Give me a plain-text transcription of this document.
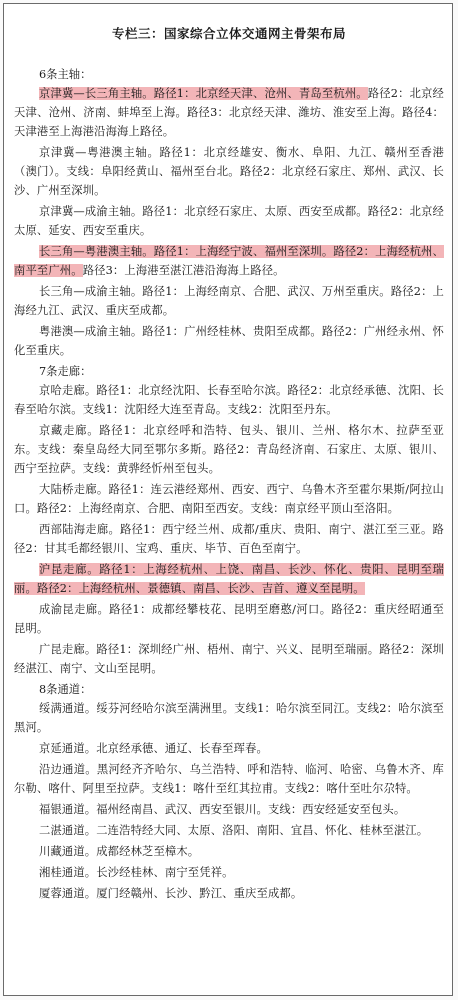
专栏三：国家综合立体交通网主骨架布局
6条主轴：

京津冀—长三角主轴。路径1：北京经天津、沧州、青岛至杭州。路径2：北京经天津、沧州、济南、蚌埠至上海。路径3：北京经天津、潍坊、淮安至上海。路径4：天津港至上海港沿海海上路径。

京津冀—粤港澳主轴。路径1：北京经雄安、衡水、阜阳、九江、赣州至香港（澳门）。支线：阜阳经黄山、福州至台北。路径2：北京经石家庄、郑州、武汉、长沙、广州至深圳。

京津冀—成渝主轴。路径1：北京经石家庄、太原、西安至成都。路径2：北京经太原、延安、西安至重庆。

长三角—粤港澳主轴。路径1：上海经宁波、福州至深圳。路径2：上海经杭州、南平至广州。路径3：上海港至湛江港沿海海上路径。

长三角—成渝主轴。路径1：上海经南京、合肥、武汉、万州至重庆。路径2：上海经九江、武汉、重庆至成都。

粤港澳—成渝主轴。路径1：广州经桂林、贵阳至成都。路径2：广州经永州、怀化至重庆。

7条走廊：

京哈走廊。路径1：北京经沈阳、长春至哈尔滨。路径2：北京经承德、沈阳、长春至哈尔滨。支线1：沈阳经大连至青岛。支线2：沈阳至丹东。

京藏走廊。路径1：北京经呼和浩特、包头、银川、兰州、格尔木、拉萨至亚东。支线：秦皇岛经大同至鄂尔多斯。路径2：青岛经济南、石家庄、太原、银川、西宁至拉萨。支线：黄骅经忻州至包头。

大陆桥走廊。路径1：连云港经郑州、西安、西宁、乌鲁木齐至霍尔果斯/阿拉山口。路径2：上海经南京、合肥、南阳至西安。支线：南京经平顶山至洛阳。

西部陆海走廊。路径1：西宁经兰州、成都/重庆、贵阳、南宁、湛江至三亚。路径2：甘其毛都经银川、宝鸡、重庆、毕节、百色至南宁。

沪昆走廊。路径1：上海经杭州、上饶、南昌、长沙、怀化、贵阳、昆明至瑞丽。路径2：上海经杭州、景德镇、南昌、长沙、吉首、遵义至昆明。

成渝昆走廊。路径1：成都经攀枝花、昆明至磨憨/河口。路径2：重庆经昭通至昆明。

广昆走廊。路径1：深圳经广州、梧州、南宁、兴义、昆明至瑞丽。路径2：深圳经湛江、南宁、文山至昆明。

8条通道：

绥满通道。绥芬河经哈尔滨至满洲里。支线1：哈尔滨至同江。支线2：哈尔滨至黑河。

京延通道。北京经承德、通辽、长春至珲春。

沿边通道。黑河经齐齐哈尔、乌兰浩特、呼和浩特、临河、哈密、乌鲁木齐、库尔勒、喀什、阿里至拉萨。支线1：喀什至红其拉甫。支线2：喀什至吐尔尕特。

福银通道。福州经南昌、武汉、西安至银川。支线：西安经延安至包头。

二湛通道。二连浩特经大同、太原、洛阳、南阳、宜昌、怀化、桂林至湛江。

川藏通道。成都经林芝至樟木。

湘桂通道。长沙经桂林、南宁至凭祥。

厦蓉通道。厦门经赣州、长沙、黔江、重庆至成都。
